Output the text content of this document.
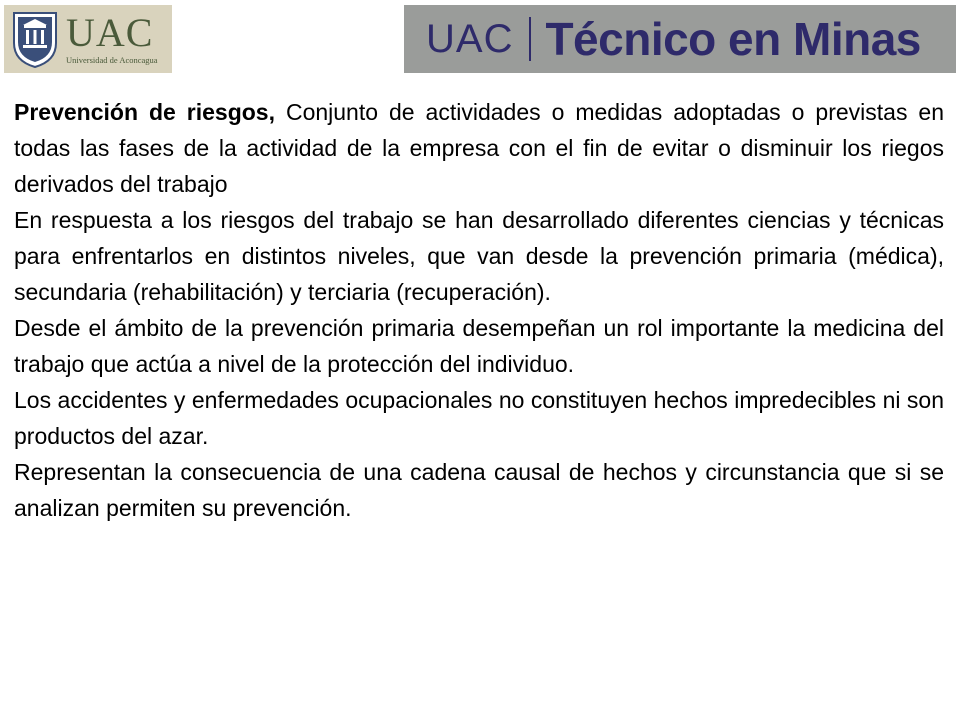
UAC
Universidad de Aconcagua	UAC Técnico en Minas

Prevención de riesgos, Conjunto de actividades o medidas adoptadas o previstas en todas las fases de la actividad de la empresa con el fin de evitar o disminuir los riegos derivados del trabajo

En respuesta a los riesgos del trabajo se han desarrollado diferentes ciencias y técnicas para enfrentarlos en distintos niveles, que van desde la prevención primaria (médica), secundaria (rehabilitación) y terciaria (recuperación).

Desde el ámbito de la prevención primaria desempeñan un rol importante la medicina del trabajo que actúa a nivel de la protección del individuo.

Los accidentes y enfermedades ocupacionales no constituyen hechos impredecibles ni son productos del azar.

Representan la consecuencia de una cadena causal de hechos y circunstancia que si se analizan permiten su prevención.
